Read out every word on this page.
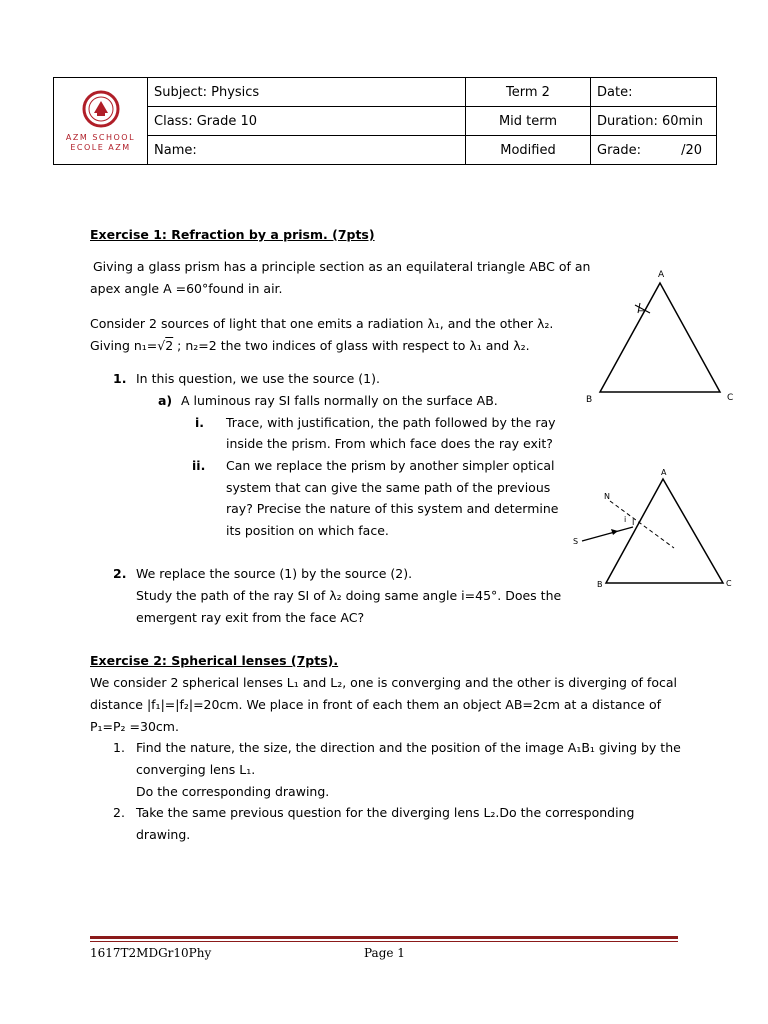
AZM SCHOOL
ECOLE AZM	Subject: Physics	Term 2	Date:
	Class: Grade 10	Mid term	Duration: 60min
	Name:	Modified	Grade: /20
Exercise 1: Refraction by a prism. (7pts)
Giving a glass prism has a principle section as an equilateral triangle ABC of an
apex angle A =60°found in air.
Consider 2 sources of light that one emits a radiation λ₁, and the other λ₂.
Giving n₁=√2 ; n₂=2 the two indices of glass with respect to λ₁ and λ₂.
1. In this question, we use the source (1).
a) A luminous ray SI falls normally on the surface AB.
i. Trace, with justification, the path followed by the ray
inside the prism. From which face does the ray exit?
ii. Can we replace the prism by another simpler optical
system that can give the same path of the previous
ray? Precise the nature of this system and determine
its position on which face.
2. We replace the source (1) by the source (2).
Study the path of the ray SI of λ₂ doing same angle i=45°. Does the
emergent ray exit from the face AC?
A
B	C
I
A
B	C
N
S
i I
Exercise 2: Spherical lenses (7pts).
We consider 2 spherical lenses L₁ and L₂, one is converging and the other is diverging of focal
distance |f₁|=|f₂|=20cm. We place in front of each them an object AB=2cm at a distance of
P₁=P₂ =30cm.
1. Find the nature, the size, the direction and the position of the image A₁B₁ giving by the
converging lens L₁.
Do the corresponding drawing.
2. Take the same previous question for the diverging lens L₂.Do the corresponding
drawing.
1617T2MDGr10Phy	Page 1
